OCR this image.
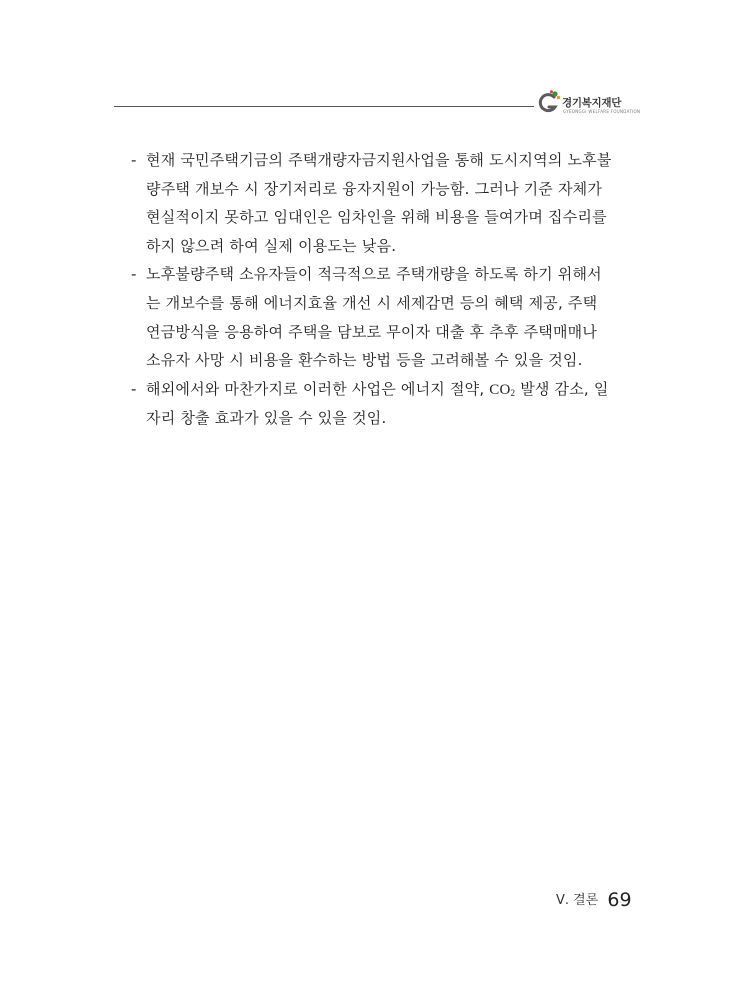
경기복지재단
GYEONGGI WELFARE FOUNDATION
- 현재 국민주택기금의 주택개량자금지원사업을 통해 도시지역의 노후불
량주택 개보수 시 장기저리로 융자지원이 가능함. 그러나 기준 자체가
현실적이지 못하고 임대인은 임차인을 위해 비용을 들여가며 집수리를
하지 않으려 하여 실제 이용도는 낮음.
- 노후불량주택 소유자들이 적극적으로 주택개량을 하도록 하기 위해서
는 개보수를 통해 에너지효율 개선 시 세제감면 등의 혜택 제공, 주택
연금방식을 응용하여 주택을 담보로 무이자 대출 후 추후 주택매매나
소유자 사망 시 비용을 환수하는 방법 등을 고려해볼 수 있을 것임.
- 해외에서와 마찬가지로 이러한 사업은 에너지 절약, $CO_2$ 발생 감소, 일
자리 창출 효과가 있을 수 있을 것임.
Ⅴ. 결론 69
